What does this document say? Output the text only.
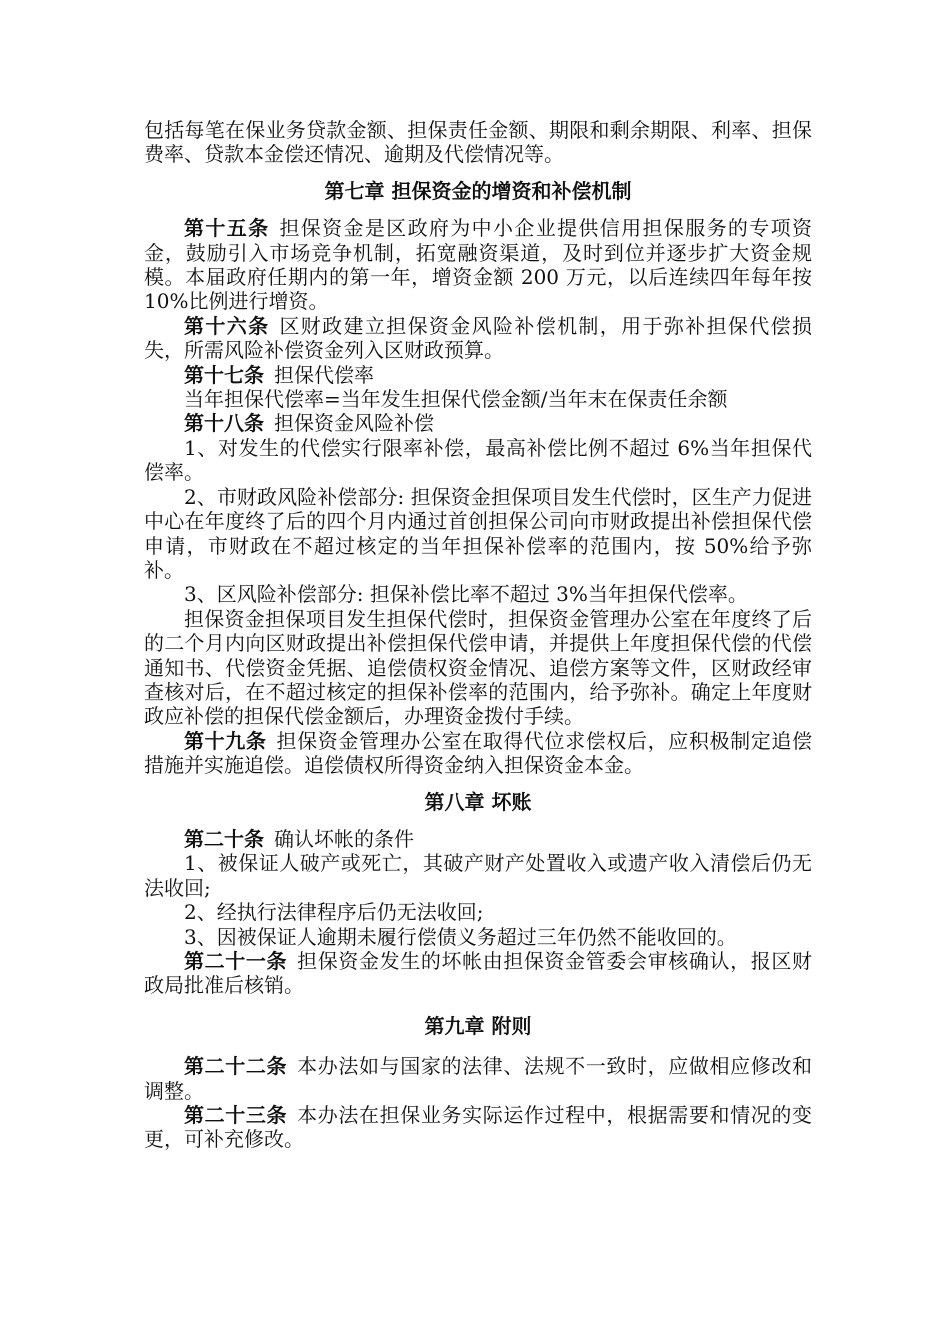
包括每笔在保业务贷款金额、担保责任金额、期限和剩余期限、利率、担保费率、贷款本金偿还情况、逾期及代偿情况等。

第七章 担保资金的增资和补偿机制

第十五条 担保资金是区政府为中小企业提供信用担保服务的专项资金，鼓励引入市场竞争机制，拓宽融资渠道，及时到位并逐步扩大资金规模。本届政府任期内的第一年，增资金额 200 万元，以后连续四年每年按 10%比例进行增资。

第十六条 区财政建立担保资金风险补偿机制，用于弥补担保代偿损失，所需风险补偿资金列入区财政预算。

第十七条 担保代偿率

当年担保代偿率=当年发生担保代偿金额/当年末在保责任余额

第十八条 担保资金风险补偿

1、对发生的代偿实行限率补偿，最高补偿比例不超过 6%当年担保代偿率。

2、市财政风险补偿部分: 担保资金担保项目发生代偿时，区生产力促进中心在年度终了后的四个月内通过首创担保公司向市财政提出补偿担保代偿申请，市财政在不超过核定的当年担保补偿率的范围内，按 50%给予弥补。

3、区风险补偿部分: 担保补偿比率不超过 3%当年担保代偿率。

担保资金担保项目发生担保代偿时，担保资金管理办公室在年度终了后的二个月内向区财政提出补偿担保代偿申请，并提供上年度担保代偿的代偿通知书、代偿资金凭据、追偿债权资金情况、追偿方案等文件，区财政经审查核对后，在不超过核定的担保补偿率的范围内，给予弥补。确定上年度财政应补偿的担保代偿金额后，办理资金拨付手续。

第十九条 担保资金管理办公室在取得代位求偿权后，应积极制定追偿措施并实施追偿。追偿债权所得资金纳入担保资金本金。

第八章 坏账

第二十条 确认坏帐的条件

1、被保证人破产或死亡，其破产财产处置收入或遗产收入清偿后仍无法收回;

2、经执行法律程序后仍无法收回;

3、因被保证人逾期未履行偿债义务超过三年仍然不能收回的。

第二十一条 担保资金发生的坏帐由担保资金管委会审核确认，报区财政局批准后核销。

第九章 附则

第二十二条 本办法如与国家的法律、法规不一致时，应做相应修改和调整。

第二十三条 本办法在担保业务实际运作过程中，根据需要和情况的变更，可补充修改。
